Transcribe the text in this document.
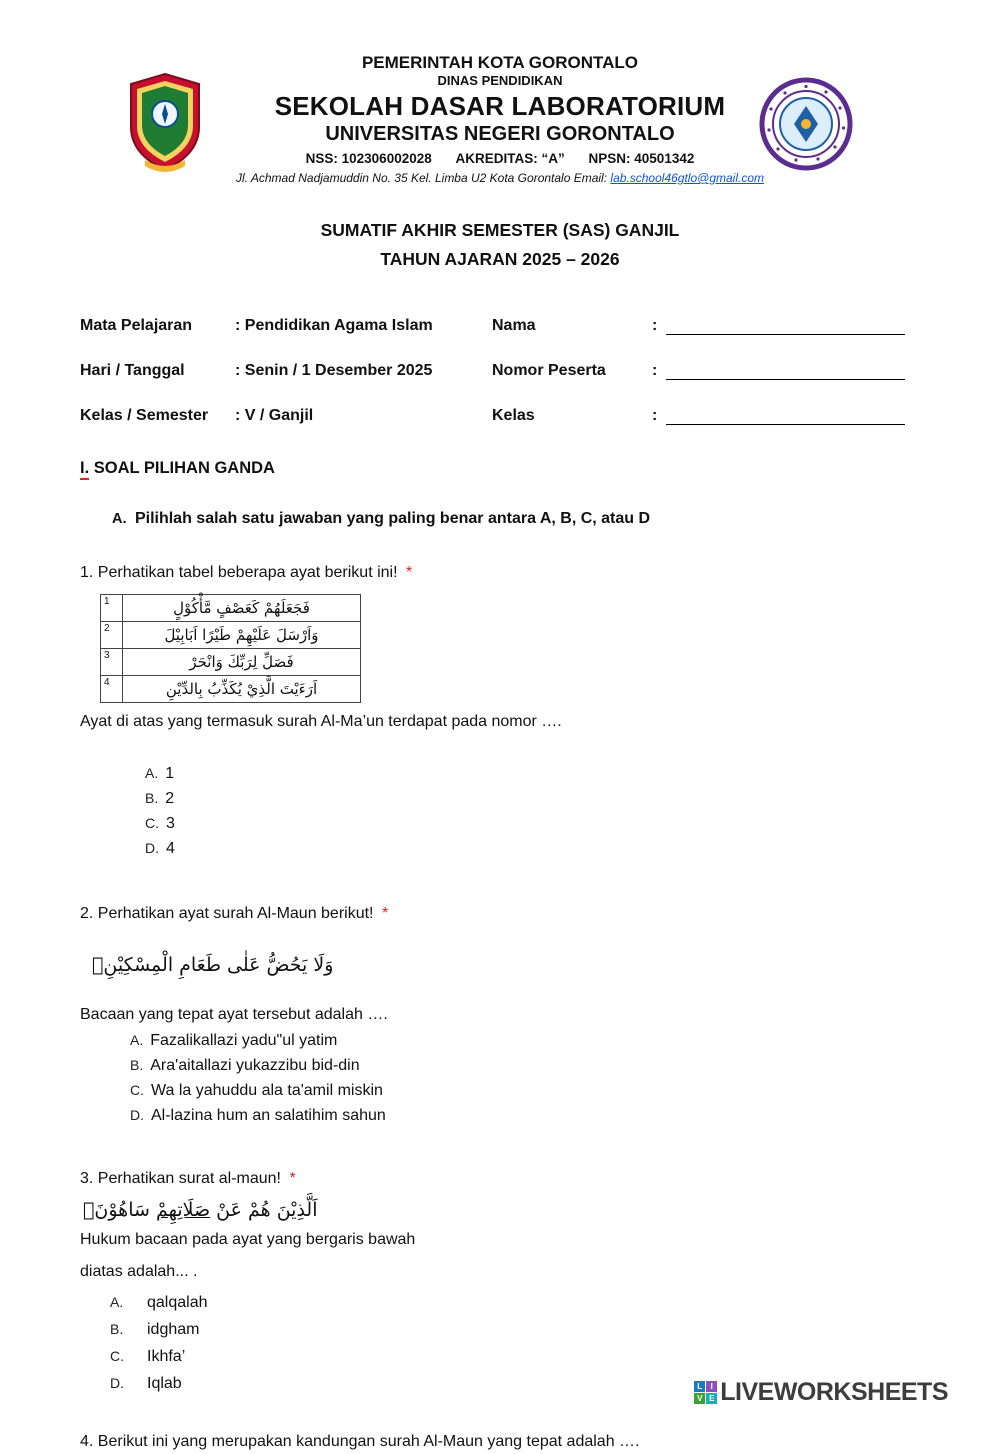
PEMERINTAH KOTA GORONTALO
DINAS PENDIDIKAN
SEKOLAH DASAR LABORATORIUM
UNIVERSITAS NEGERI GORONTALO
NSS: 102306002028 AKREDITAS: “A” NPSN: 40501342
Jl. Achmad Nadjamuddin No. 35 Kel. Limba U2 Kota Gorontalo Email: lab.school46gtlo@gmail.com
SUMATIF AKHIR SEMESTER (SAS) GANJIL
TAHUN AJARAN 2025 – 2026
Mata Pelajaran	: Pendidikan Agama Islam	Nama	:
Hari / Tanggal	: Senin / 1 Desember 2025	Nomor Peserta	:
Kelas / Semester	: V / Ganjil	Kelas	:
I. SOAL PILIHAN GANDA
A. Pilihlah salah satu jawaban yang paling benar antara A, B, C, atau D
1. Perhatikan tabel beberapa ayat berikut ini! *
1	فَجَعَلَهُمْ كَعَصْفٍ مَّأْكُوْلٍ
2	وَاَرْسَلَ عَلَيْهِمْ طَيْرًا اَبَابِيْلَ
3	فَصَلِّ لِرَبِّكَ وَانْحَرْ
4	اَرَءَيْتَ الَّذِيْ يُكَذِّبُ بِالدِّيْنِ
Ayat di atas yang termasuk surah Al-Ma’un terdapat pada nomor ….
A. 1
B. 2
C. 3
D. 4
2. Perhatikan ayat surah Al-Maun berikut! *
وَلَا يَحُضُّ عَلٰى طَعَامِ الْمِسْكِيْنِۗ
Bacaan yang tepat ayat tersebut adalah ….
A. Fazalikallazi yadu"ul yatim
B. Ara'aitallazi yukazzibu bid-din
C. Wa la yahuddu ala ta'amil miskin
D. Al-lazina hum an salatihim sahun
3. Perhatikan surat al-maun! *
اَلَّذِيْنَ هُمْ عَنْ صَلَاتِهِمْ سَاهُوْنَۙ
Hukum bacaan pada ayat yang bergaris bawah
diatas adalah... .
A. qalqalah
B. idgham
C. Ikhfa’
D. Iqlab
4. Berikut ini yang merupakan kandungan surah Al-Maun yang tepat adalah ….
L	I
V E LIVEWORKSHEETS
